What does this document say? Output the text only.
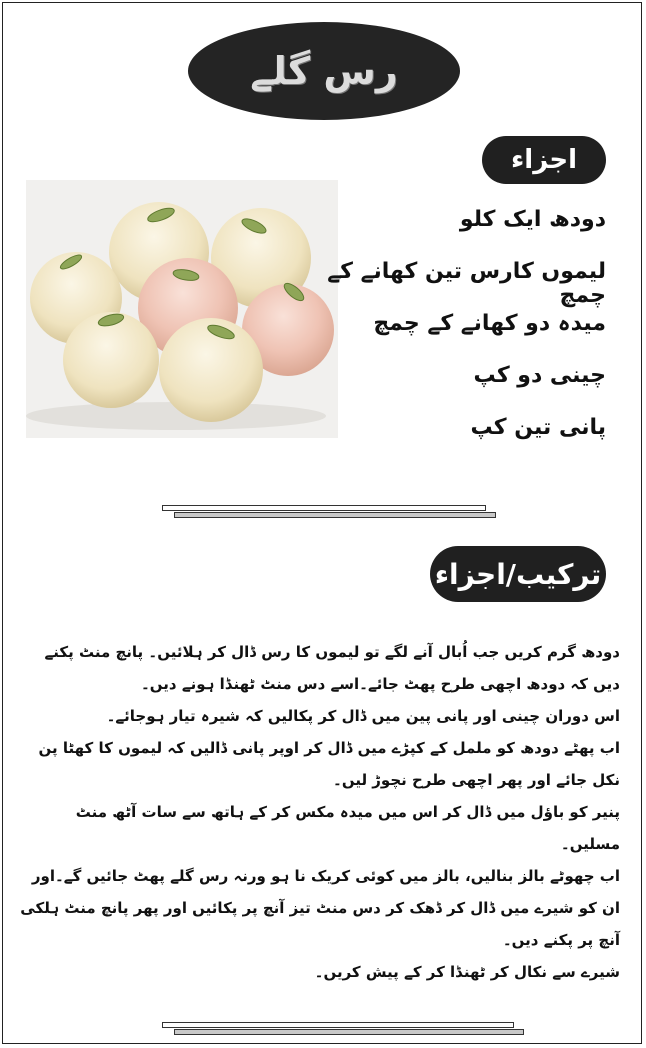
رس گلے
اجزاء
دودھ ایک کلو
لیموں کارس تین کھانے کے چمچ
میدہ دو کھانے کے چمچ
چینی دو کپ
پانی تین کپ
ترکیب/اجزاء
دودھ گرم کریں جب اُبال آنے لگے تو لیموں کا رس ڈال کر ہلائیں۔ پانچ منٹ پکنے دیں کہ دودھ اچھی طرح پھٹ جائے۔اسے دس منٹ ٹھنڈا ہونے دیں۔
اس دوران چینی اور پانی پین میں ڈال کر پکالیں کہ شیرہ تیار ہوجائے۔
اب پھٹے دودھ کو ململ کے کپڑے میں ڈال کر اوپر پانی ڈالیں کہ لیموں کا کھٹا پن نکل جائے اور پھر اچھی طرح نچوڑ لیں۔
پنیر کو باؤل میں ڈال کر اس میں میدہ مکس کر کے ہاتھ سے سات آٹھ منٹ مسلیں۔
اب چھوٹے بالز بنالیں، بالز میں کوئی کریک نا ہو ورنہ رس گلے پھٹ جائیں گے۔اور ان کو شیرے میں ڈال کر ڈھک کر دس منٹ تیز آنچ پر پکائیں اور پھر پانچ منٹ ہلکی آنچ پر پکنے دیں۔
شیرے سے نکال کر ٹھنڈا کر کے پیش کریں۔
